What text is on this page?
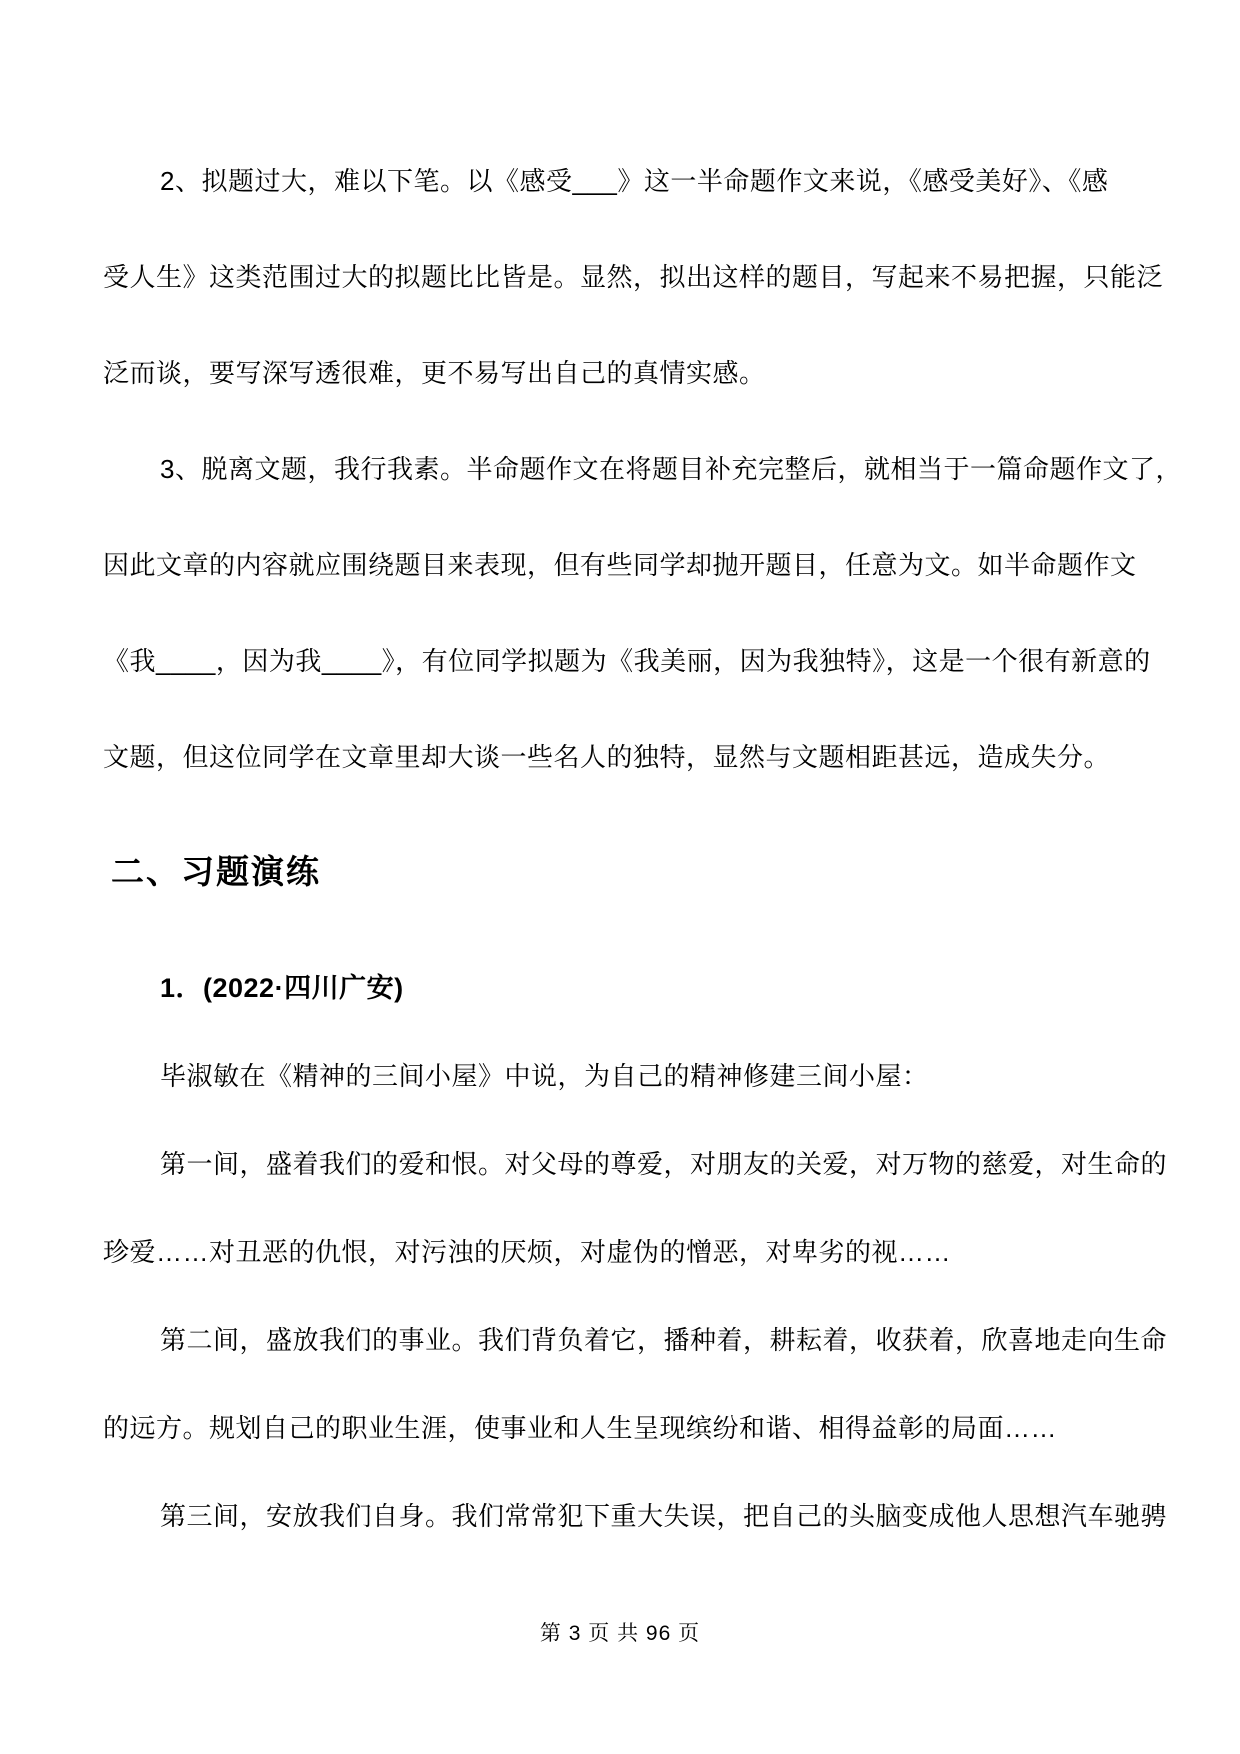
2、拟题过大，难以下笔。以《感受___》这一半命题作文来说，《感受美好》、《感

受人生》这类范围过大的拟题比比皆是。显然，拟出这样的题目，写起来不易把握，只能泛

泛而谈，要写深写透很难，更不易写出自己的真情实感。

3、脱离文题，我行我素。半命题作文在将题目补充完整后，就相当于一篇命题作文了，

因此文章的内容就应围绕题目来表现，但有些同学却抛开题目，任意为文。如半命题作文

《我____，因为我____》，有位同学拟题为《我美丽，因为我独特》，这是一个很有新意的

文题，但这位同学在文章里却大谈一些名人的独特，显然与文题相距甚远，造成失分。

二、习题演练

1．(2022·四川广安)

毕淑敏在《精神的三间小屋》中说，为自己的精神修建三间小屋：

第一间，盛着我们的爱和恨。对父母的尊爱，对朋友的关爱，对万物的慈爱，对生命的

珍爱……对丑恶的仇恨，对污浊的厌烦，对虚伪的憎恶，对卑劣的视……

第二间，盛放我们的事业。我们背负着它，播种着，耕耘着，收获着，欣喜地走向生命

的远方。规划自己的职业生涯，使事业和人生呈现缤纷和谐、相得益彰的局面……

第三间，安放我们自身。我们常常犯下重大失误，把自己的头脑变成他人思想汽车驰骋

第 3 页 共 96 页
